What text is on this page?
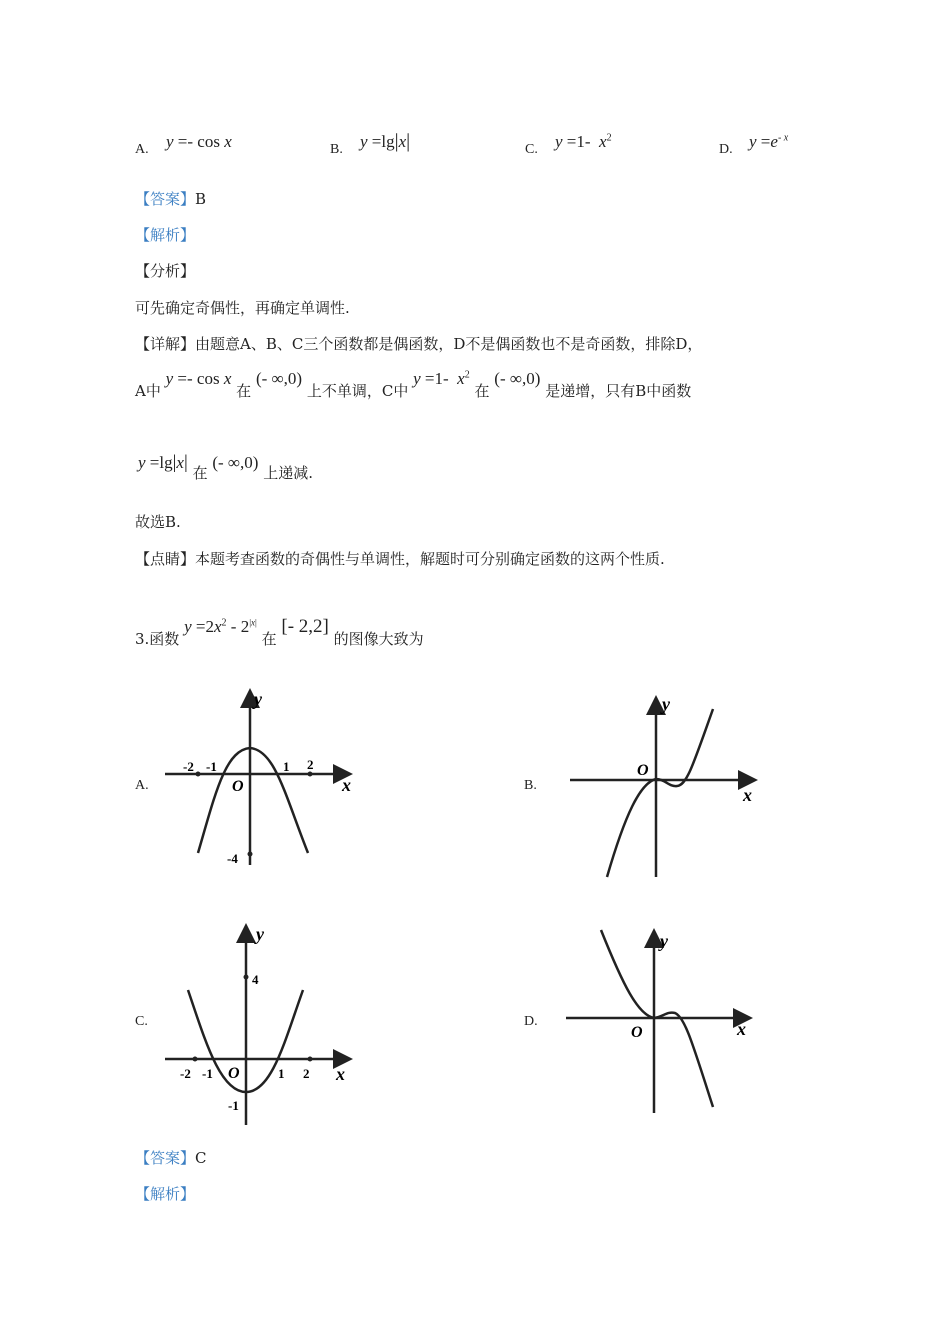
A. y =- cos x	B. y =lg|x|	C. y =1-  $x^2$
D. $y =e^{- x}$
【答案】B
【解析】
【分析】
可先确定奇偶性，再确定单调性.
【详解】由题意A、B、C三个函数都是偶函数，D不是偶函数也不是奇函数，排除D，
A中 y =- cos x 在 (- ∞,0) 上不单调，C中 y =1-  $x^2$ 在 (- ∞,0) 是递增，只有B中函数
y =lg|x| 在 (- ∞,0) 上递减.
故选B.
【点睛】本题考查函数的奇偶性与单调性，解题时可分别确定函数的这两个性质.
3.函数 $y =2x^2 - 2^{|x|}$ 在 [- 2,2] 的图像大致为
A.	B.
C.	D.
y
x
O
-2 -1	1 2
-4
y
x
O
y
x
O
4
-2 -1	1 2
-1
y
x
O
【答案】C
【解析】
